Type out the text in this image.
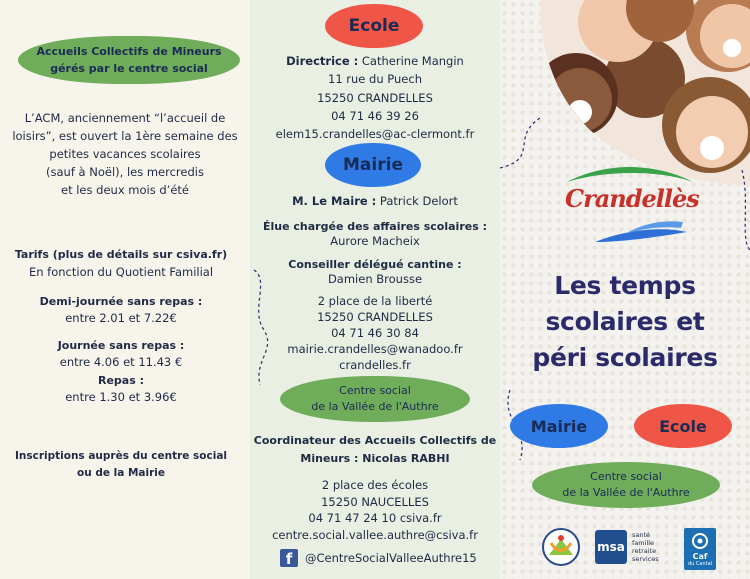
Accueils Collectifs de Mineurs
gérés par le centre social
L’ACM, anciennement “l’accueil de
loisirs”, est ouvert la 1ère semaine des
petites vacances scolaires
(sauf à Noël), les mercredis
et les deux mois d’été
Tarifs (plus de détails sur csiva.fr)
En fonction du Quotient Familial
Demi-journée sans repas :
entre 2.01 et 7.22€
Journée sans repas :
entre 4.06 et 11.43 €
Repas :
entre 1.30 et 3.96€
Inscriptions auprès du centre social
ou de la Mairie
Ecole
Directrice : Catherine Mangin
11 rue du Puech
15250 CRANDELLES
04 71 46 39 26
elem15.crandelles@ac-clermont.fr
Mairie
M. Le Maire : Patrick Delort
Élue chargée des affaires scolaires :
Aurore Macheix
Conseiller délégué cantine :
Damien Brousse
2 place de la liberté
15250 CRANDELLES
04 71 46 30 84
mairie.crandelles@wanadoo.fr
crandelles.fr
Centre social
de la Vallée de l'Authre
Coordinateur des Accueils Collectifs de
Mineurs : Nicolas RABHI
2 place des écoles
15250 NAUCELLES
04 71 47 24 10 csiva.fr
centre.social.vallee.authre@csiva.fr
f	@CentreSocialValleeAuthre15
Crandellès
Les temps
scolaires et
péri scolaires
Mairie	Ecole
Centre social
de la Vallée de l'Authre
msa
santé
famille
retraite
services	Caf
du Cantal
